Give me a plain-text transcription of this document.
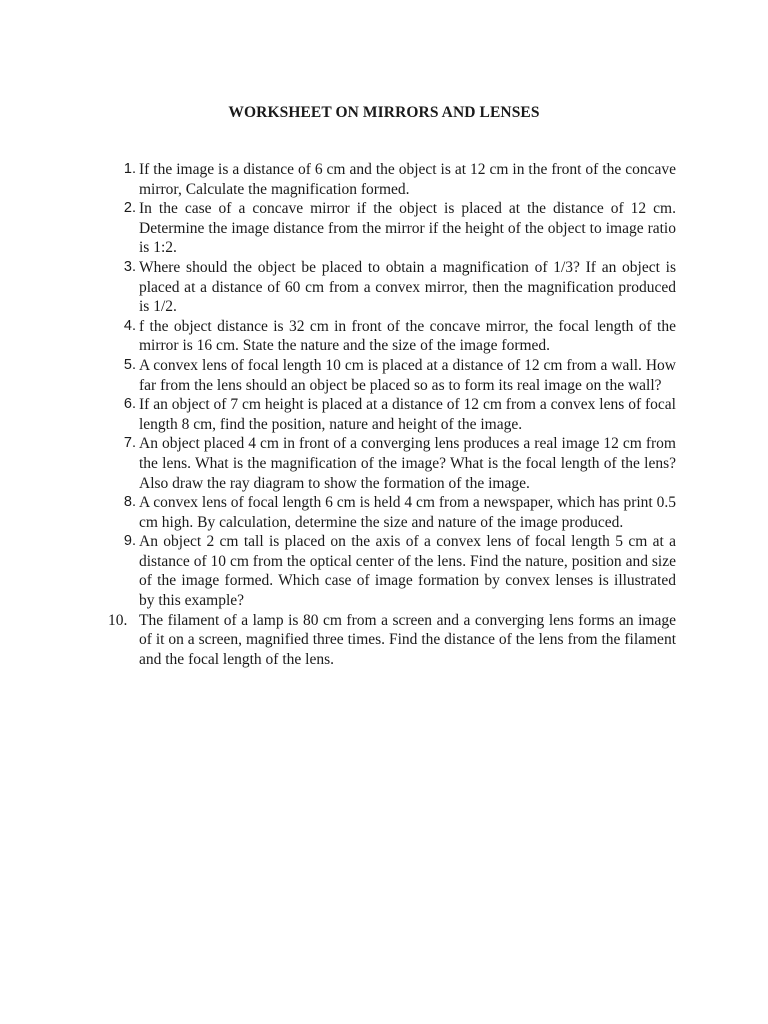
WORKSHEET ON MIRRORS AND LENSES
1. If the image is a distance of 6 cm and the object is at 12 cm in the front of the concave mirror, Calculate the magnification formed.
2. In the case of a concave mirror if the object is placed at the distance of 12 cm. Determine the image distance from the mirror if the height of the object to image ratio is 1:2.
3. Where should the object be placed to obtain a magnification of 1/3? If an object is placed at a distance of 60 cm from a convex mirror, then the magnification produced is 1/2.
4. f the object distance is 32 cm in front of the concave mirror, the focal length of the mirror is 16 cm. State the nature and the size of the image formed.
5. A convex lens of focal length 10 cm is placed at a distance of 12 cm from a wall. How far from the lens should an object be placed so as to form its real image on the wall?
6. If an object of 7 cm height is placed at a distance of 12 cm from a convex lens of focal length 8 cm, find the position, nature and height of the image.
7. An object placed 4 cm in front of a converging lens produces a real image 12 cm from the lens. What is the magnification of the image? What is the focal length of the lens? Also draw the ray diagram to show the formation of the image.
8. A convex lens of focal length 6 cm is held 4 cm from a newspaper, which has print 0.5 cm high. By calculation, determine the size and nature of the image produced.
9. An object 2 cm tall is placed on the axis of a convex lens of focal length 5 cm at a distance of 10 cm from the optical center of the lens. Find the nature, position and size of the image formed. Which case of image formation by convex lenses is illustrated by this example?
10. The filament of a lamp is 80 cm from a screen and a converging lens forms an image of it on a screen, magnified three times. Find the distance of the lens from the filament and the focal length of the lens.
